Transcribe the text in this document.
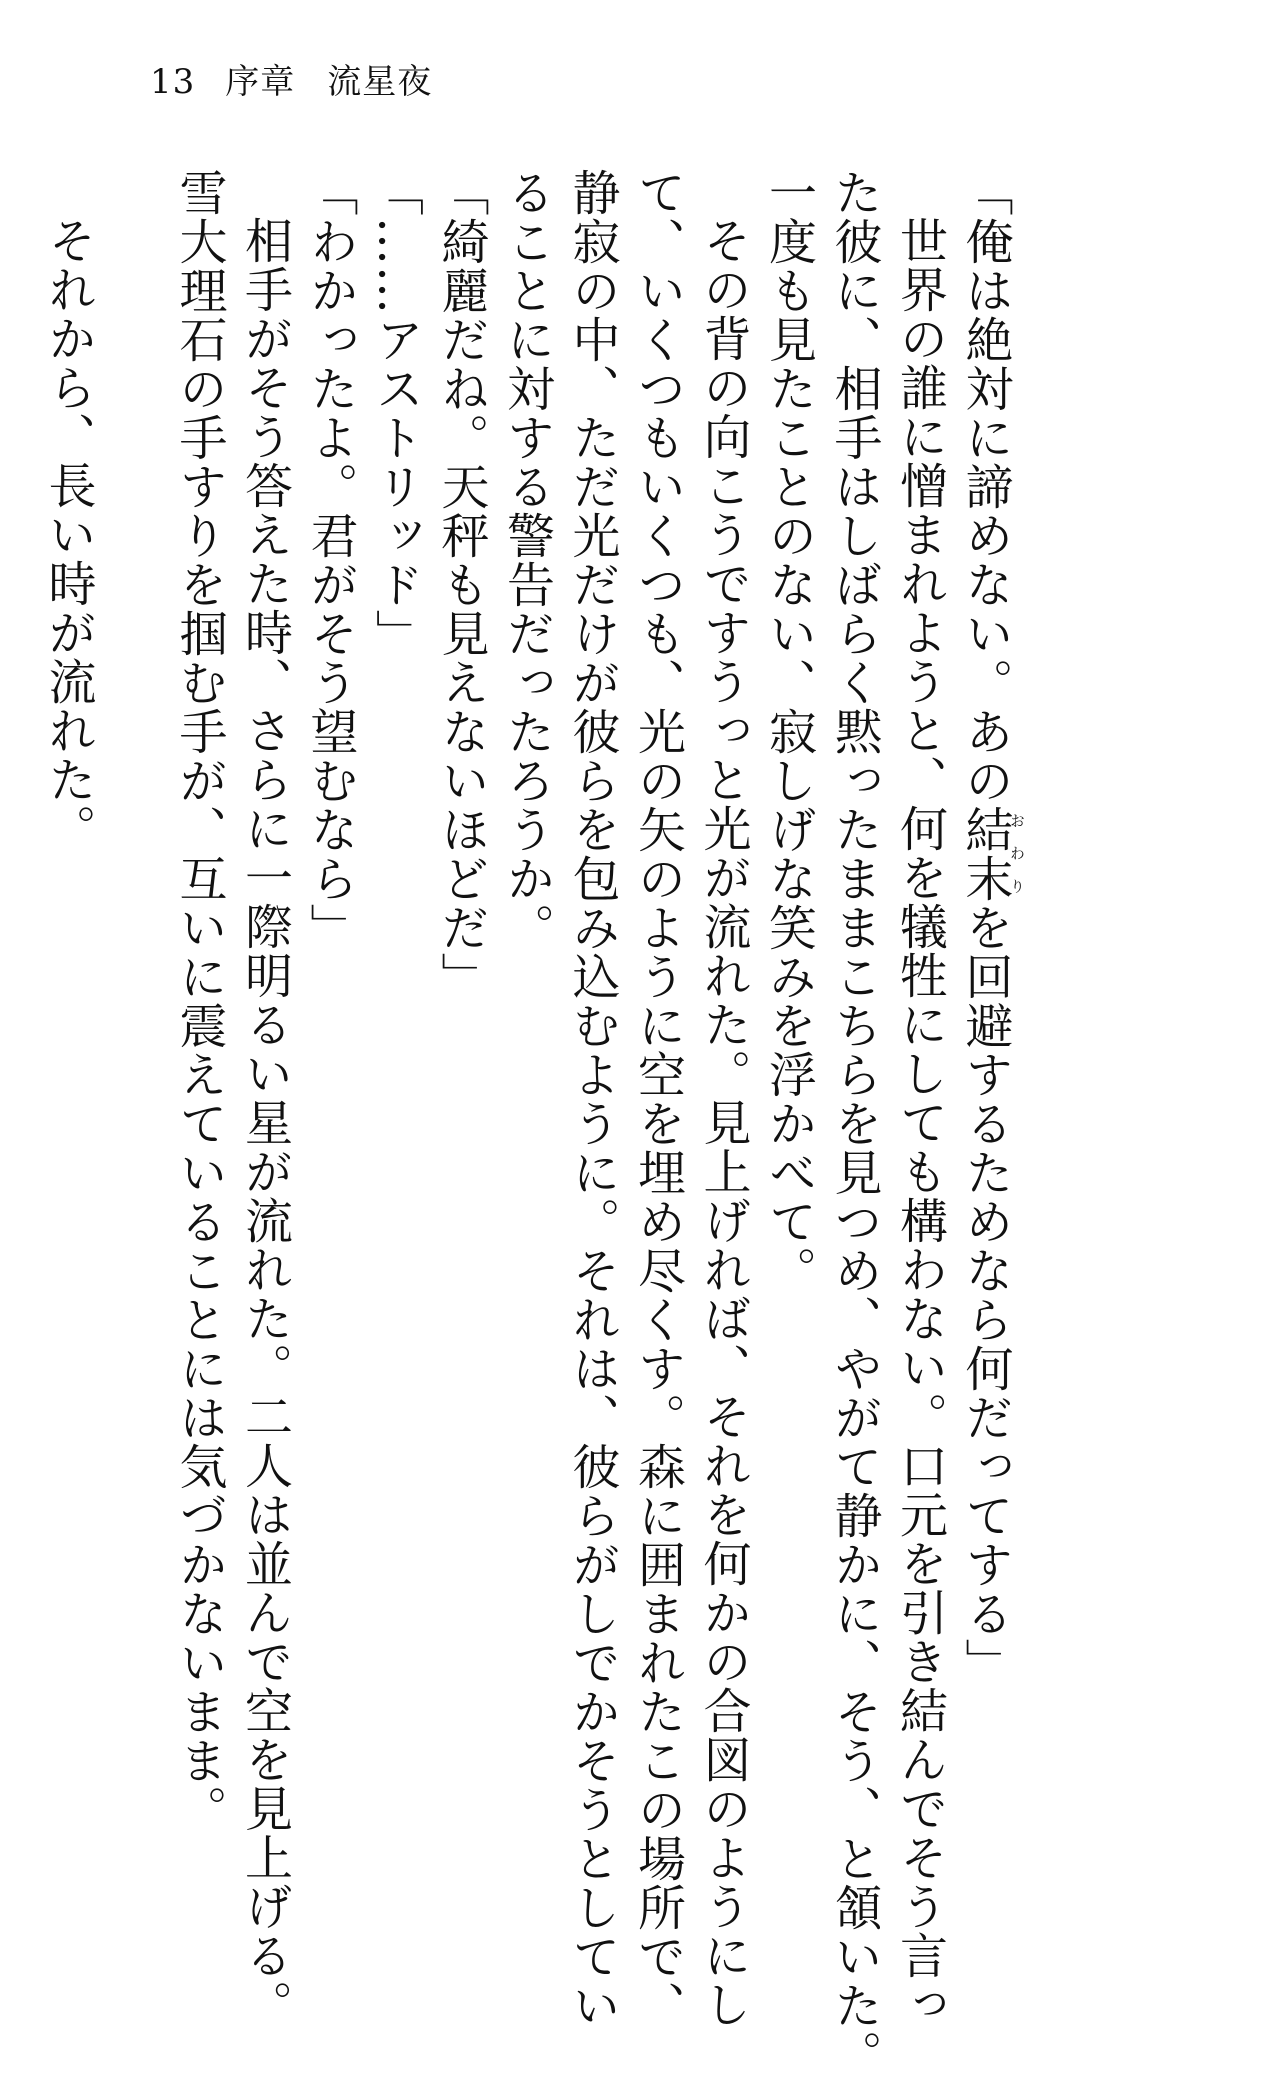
13 序章 流星夜
「俺は絶対に諦めない。あの結末おわりを回避するためなら何だってする」
世界の誰に憎まれようと、何を犠牲にしても構わない。口元を引き結んでそう言っ
た彼に、相手はしばらく黙ったままこちらを見つめ、やがて静かに、そう、と頷いた。
一度も見たことのない、寂しげな笑みを浮かべて。
その背の向こうですうっと光が流れた。見上げれば、それを何かの合図のようにし
て、いくつもいくつも、光の矢のように空を埋め尽くす。森に囲まれたこの場所で、
静寂の中、ただ光だけが彼らを包み込むように。それは、彼らがしでかそうとしてい
ることに対する警告だったろうか。
「綺麗だね。天秤も見えないほどだ」
「……アストリッド」
「わかったよ。君がそう望むなら」
相手がそう答えた時、さらに一際明るい星が流れた。二人は並んで空を見上げる。
雪大理石の手すりを掴む手が、互いに震えていることには気づかないまま。
それから、長い時が流れた。
